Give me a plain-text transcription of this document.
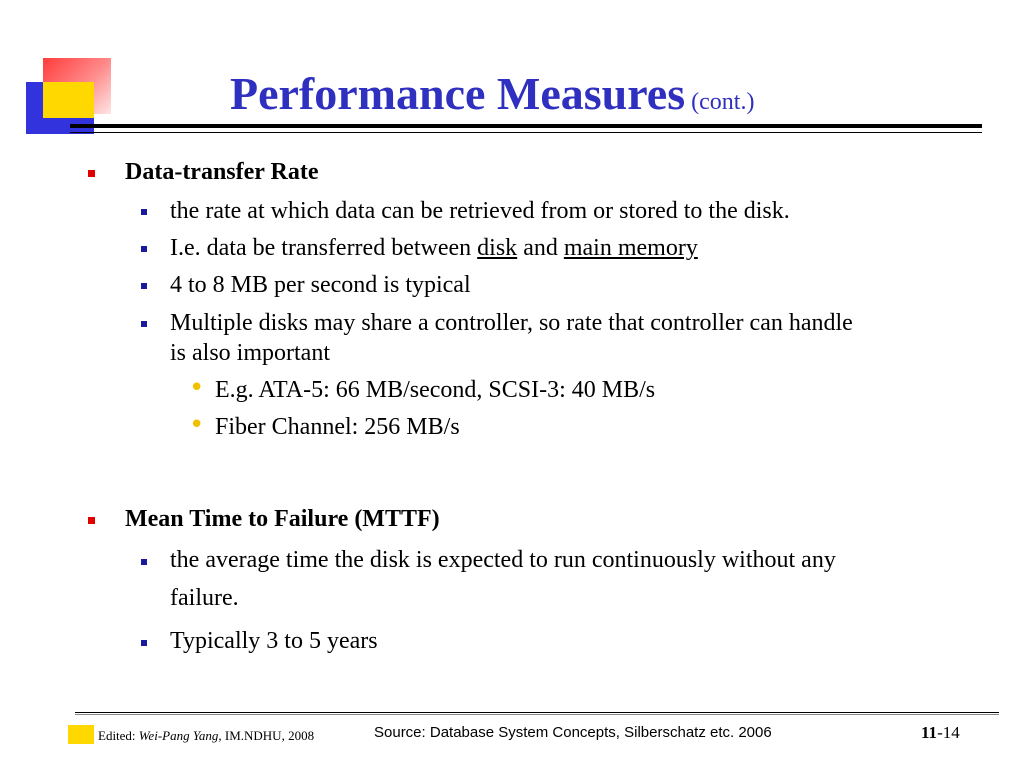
Performance Measures (cont.)
Data-transfer Rate
the rate at which data can be retrieved from or stored to the disk.
I.e. data be transferred between disk and main memory
4 to 8 MB per second is typical
Multiple disks may share a controller, so rate that controller can handle
is also important
• E.g. ATA-5: 66 MB/second, SCSI-3: 40 MB/s
• Fiber Channel: 256 MB/s
Mean Time to Failure (MTTF)
the average time the disk is expected to run continuously without any
failure.
Typically 3 to 5 years
Edited: Wei-Pang Yang, IM.NDHU, 2008	Source: Database System Concepts, Silberschatz etc. 2006	11-14
